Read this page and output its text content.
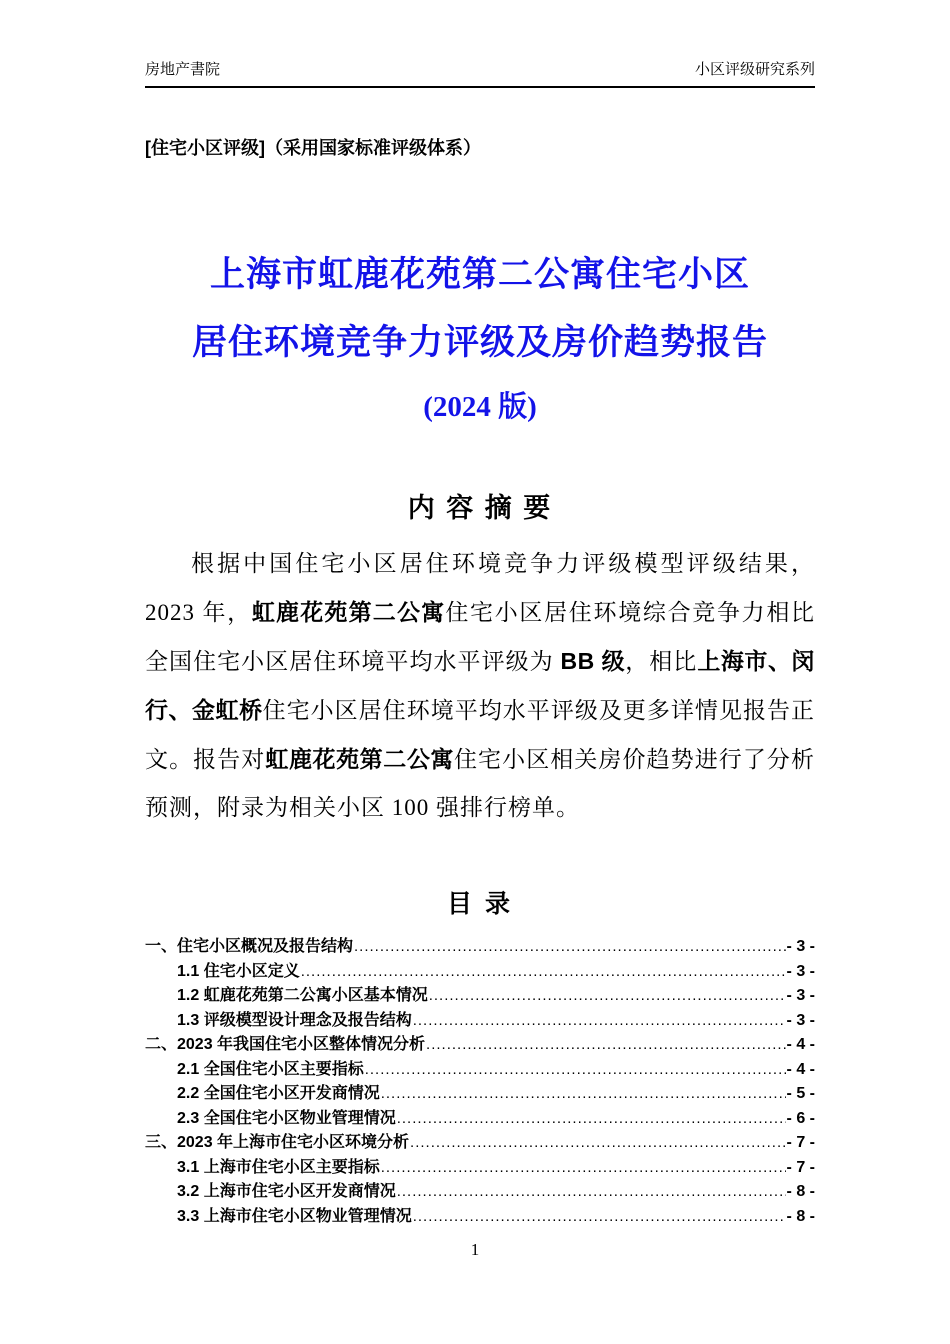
房地产書院	小区评级研究系列
[住宅小区评级]（采用国家标准评级体系）
上海市虹鹿花苑第二公寓住宅小区
居住环境竞争力评级及房价趋势报告
(2024 版)
内 容 摘 要

根据中国住宅小区居住环境竞争力评级模型评级结果，2023 年，虹鹿花苑第二公寓住宅小区居住环境综合竞争力相比全国住宅小区居住环境平均水平评级为 BB 级，相比上海市、闵行、金虹桥住宅小区居住环境平均水平评级及更多详情见报告正文。报告对虹鹿花苑第二公寓住宅小区相关房价趋势进行了分析预测，附录为相关小区 100 强排行榜单。

目 录
一、住宅小区概况及报告结构 .....	- 3 -
1.1 住宅小区定义 .....	- 3 -
1.2 虹鹿花苑第二公寓小区基本情况 .....	- 3 -
1.3 评级模型设计理念及报告结构 .....	- 3 -
二、2023 年我国住宅小区整体情况分析 .....	- 4 -
2.1 全国住宅小区主要指标 .....	- 4 -
2.2 全国住宅小区开发商情况 .....	- 5 -
2.3 全国住宅小区物业管理情况 .....	- 6 -
三、2023 年上海市住宅小区环境分析 .....	- 7 -
3.1 上海市住宅小区主要指标 .....	- 7 -
3.2 上海市住宅小区开发商情况 .....	- 8 -
3.3 上海市住宅小区物业管理情况 .....	- 8 -
1
